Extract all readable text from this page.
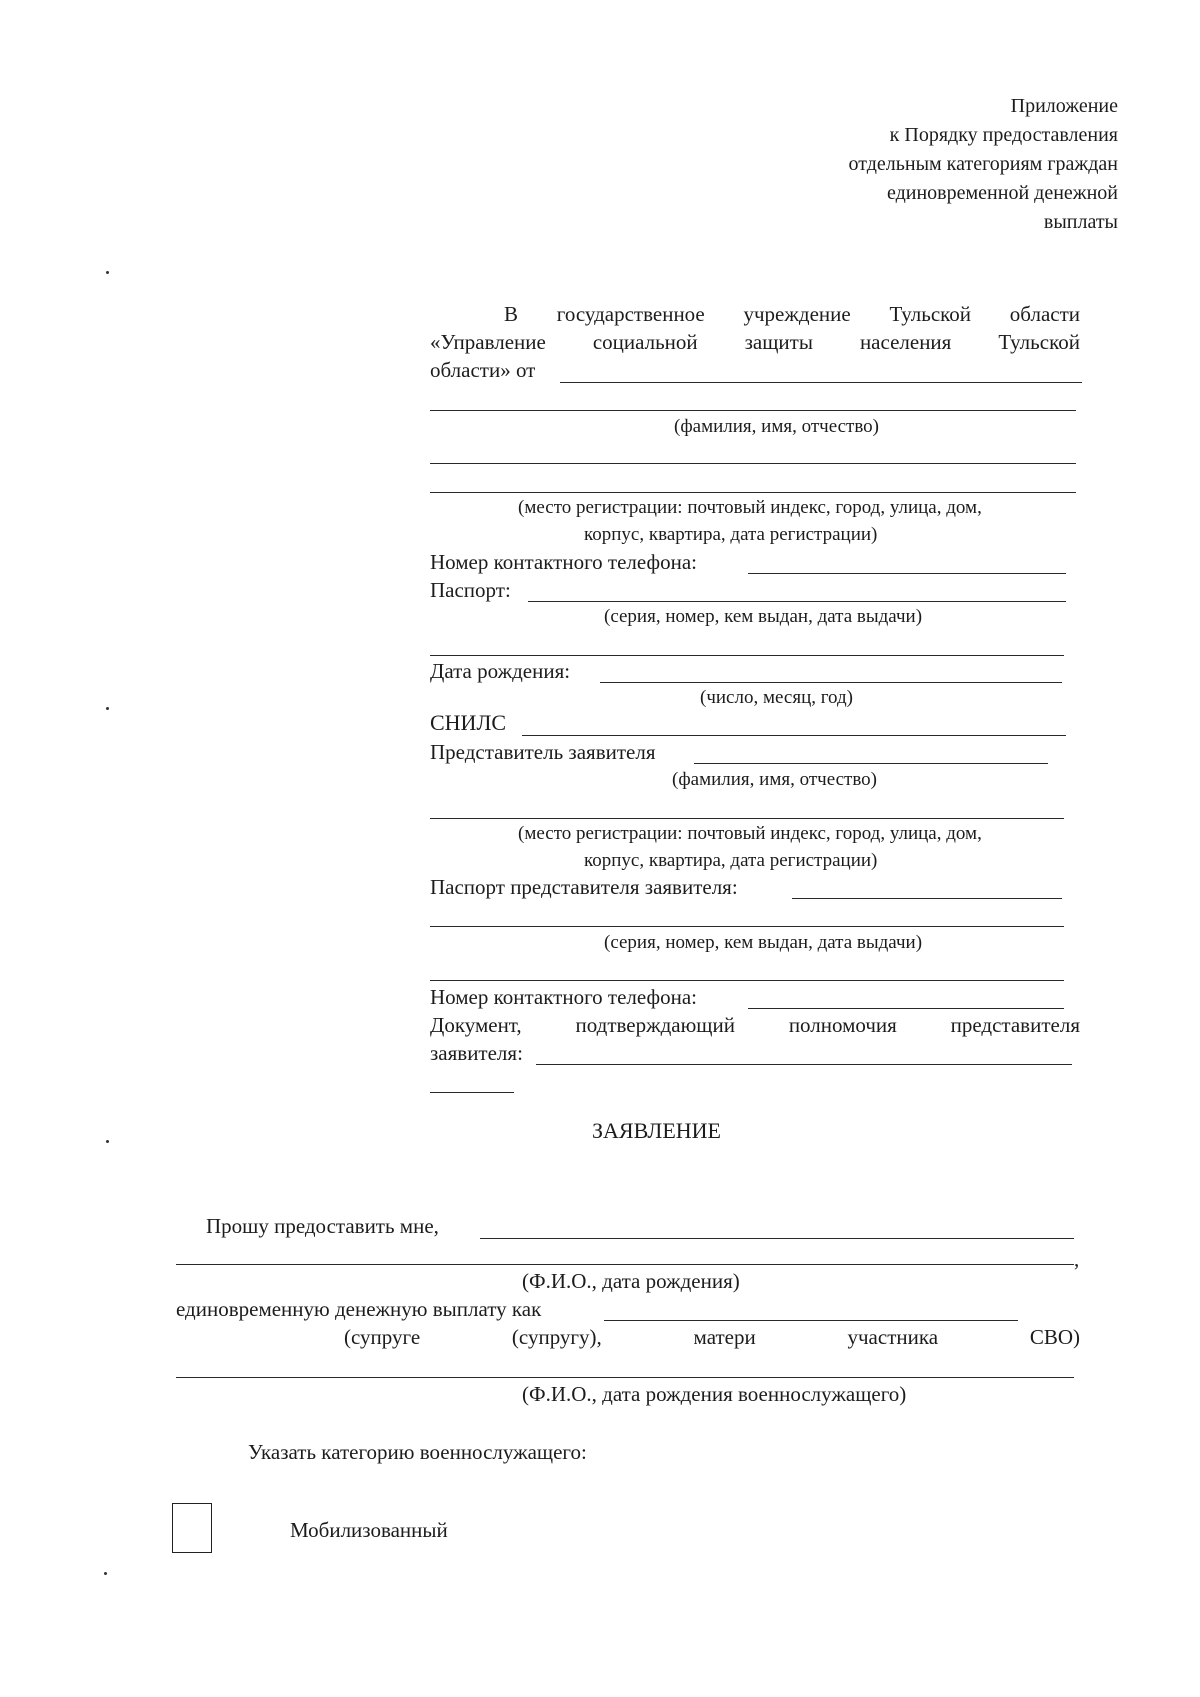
Приложение
к Порядку предоставления
отдельным категориям граждан
единовременной денежной
выплаты
В государственное учреждение Тульской области
«Управление социальной защиты населения Тульской
области» от
(фамилия, имя, отчество)
(место регистрации: почтовый индекс, город, улица, дом,
корпус, квартира, дата регистрации)
Номер контактного телефона:
Паспорт:
(серия, номер, кем выдан, дата выдачи)
Дата рождения:
(число, месяц, год)
СНИЛС
Представитель заявителя
(фамилия, имя, отчество)
(место регистрации: почтовый индекс, город, улица, дом,
корпус, квартира, дата регистрации)
Паспорт представителя заявителя:
(серия, номер, кем выдан, дата выдачи)
Номер контактного телефона:
Документ,	подтверждающий	полномочия	представителя
заявителя:
ЗАЯВЛЕНИЕ
Прошу предоставить мне,
,
(Ф.И.О., дата рождения)
единовременную денежную выплату как
(супруге	(супругу),	матери	участника	СВО)
(Ф.И.О., дата рождения военнослужащего)
Указать категорию военнослужащего:
Мобилизованный
